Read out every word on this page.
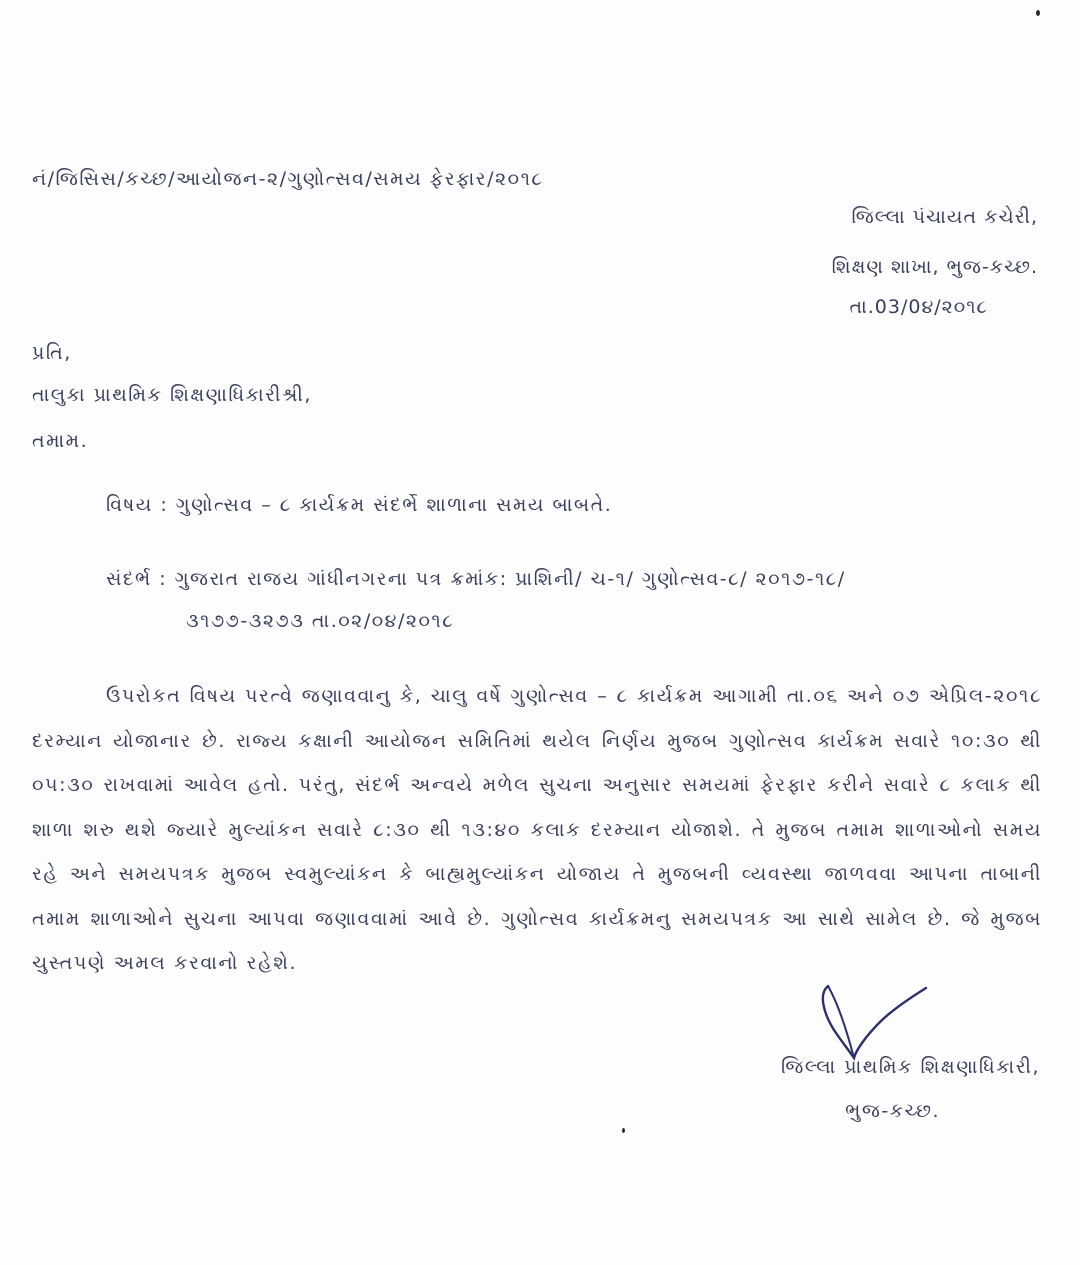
નં/જિસિસ/કચ્છ/આયોજન-૨/ગુણોત્સવ/સમય ફેરફાર/૨૦૧૮
જિલ્લા પંચાયત કચેરી,
શિક્ષણ શાખા, ભુજ-કચ્છ.
તા.03/0૪/૨૦૧૮
પ્રતિ,
તાલુકા પ્રાથમિક શિક્ષણાધિકારીશ્રી,
તમામ.
વિષય : ગુણોત્સવ – ૮ કાર્યક્રમ સંદર્ભે શાળાના સમય બાબતે.
સંદર્ભ : ગુજરાત રાજય ગાંધીનગરના પત્ર ક્રમાંક: પ્રાશિની/ ચ-૧/ ગુણોત્સવ-૮/ ૨૦૧૭-૧૮/
૩૧૭૭-૩૨૭૩ તા.૦૨/૦૪/૨૦૧૮
ઉપરોકત વિષય પરત્વે જણાવવાનુ કે, ચાલુ વર્ષે ગુણોત્સવ – ૮ કાર્યક્રમ આગામી તા.૦૬ અને ૦૭ એપ્રિલ-૨૦૧૮ દરમ્યાન યોજાનાર છે. રાજ્ય કક્ષાની આયોજન સમિતિમાં થયેલ નિર્ણય મુજબ ગુણોત્સવ કાર્યક્રમ સવારે ૧૦:૩૦ થી ૦૫:૩૦ રાખવામાં આવેલ હતો. પરંતુ, સંદર્ભ અન્વયે મળેલ સુચના અનુસાર સમયમાં ફેરફાર કરીને સવારે ૮ કલાક થી શાળા શરુ થશે જ્યારે મુલ્યાંકન સવારે ૮:૩૦ થી ૧૩:૪૦ કલાક દરમ્યાન યોજાશે. તે મુજબ તમામ શાળાઓનો સમય રહે અને સમયપત્રક મુજબ સ્વમુલ્યાંકન કે બાહ્યમુલ્યાંકન યોજાય તે મુજબની વ્યવસ્થા જાળવવા આપના તાબાની તમામ શાળાઓને સુચના આપવા જણાવવામાં આવે છે. ગુણોત્સવ કાર્યક્રમનુ સમયપત્રક આ સાથે સામેલ છે. જે મુજબ ચુસ્તપણે અમલ કરવાનો રહેશે.
જિલ્લા પ્રાથમિક શિક્ષણાધિકારી,
ભુજ-કચ્છ.
